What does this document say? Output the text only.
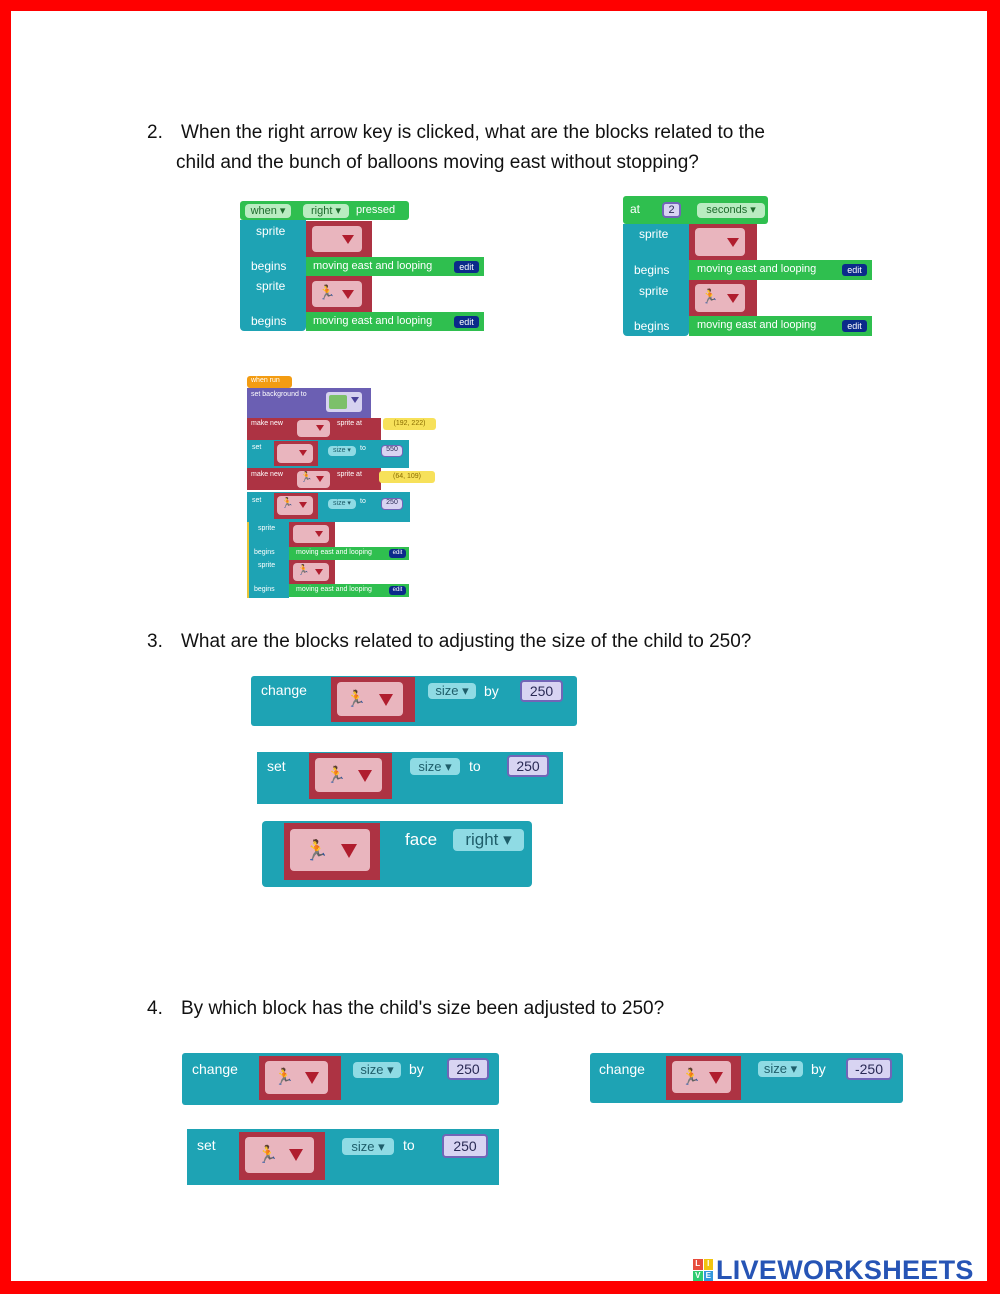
2. When the right arrow key is clicked, what are the blocks related to the
child and the bunch of balloons moving east without stopping?
when ▾	right ▾	pressed
sprite
begins moving east and looping	edit
sprite 🏃
begins moving east and looping	edit
at	2	seconds ▾
sprite
begins	moving east and looping	edit
sprite 🏃
begins	moving east and looping	edit
when run
set background to
make new	sprite at	(192, 222)
set	size ▾	to	550
make new 🏃	sprite at	(64, 109)
set 🏃	size ▾	to	250
sprite
begins	moving east and looping	edit
sprite 🏃
begins	moving east and looping	edit
3. What are the blocks related to adjusting the size of the child to 250?
change 🏃	size ▾	by	250
set	🏃	size ▾	to	250
🏃	face	right ▾
4. By which block has the child's size been adjusted to 250?
change 🏃	size ▾	by	250	change 🏃	size ▾ by	-250
set 🏃	size ▾	to	250
L I
V E LIVEWORKSHEETS
